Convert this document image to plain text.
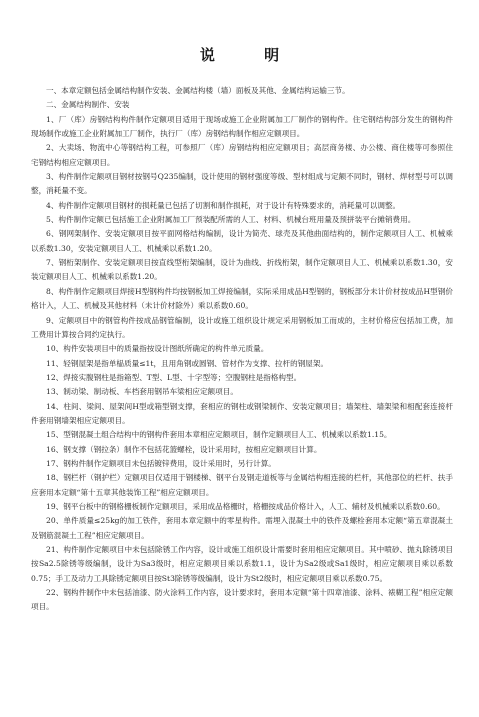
说 明

一、本章定额包括金属结构制作安装、金属结构楼（墙）面板及其他、金属结构运输三节。

二、金属结构制作、安装

1、厂（库）房钢结构构件制作定额项目适用于现场或施工企业附属加工厂制作的钢构件。住宅钢结构部分发生的钢构件现场制作或施工企业附属加工厂制作，执行厂（库）房钢结构制作相应定额项目。

2、大卖场、物流中心等钢结构工程，可参照厂（库）房钢结构相应定额项目；高层商务楼、办公楼、商住楼等可参照住宅钢结构相应定额项目。

3、构件制作定额项目钢材按钢号Q235编制，设计使用的钢材强度等级、型材组成与定额不同时，钢材、焊材型号可以调整，消耗量不变。

4、构件制作定额项目钢材的损耗量已包括了切割和制作损耗，对于设计有特殊要求的，消耗量可以调整。

5、构件制作定额已包括施工企业附属加工厂预装配所需的人工、材料、机械台班用量及预拼装平台摊销费用。

6、钢网架制作、安装定额项目按平面网格结构编制，设计为简壳、球壳及其他曲面结构的，制作定额项目人工、机械乘以系数1.30，安装定额项目人工、机械乘以系数1.20。

7、钢桁架制作、安装定额项目按直线型桁架编制，设计为曲线、折线桁架，制作定额项目人工、机械乘以系数1.30，安装定额项目人工、机械乘以系数1.20。

8、构件制作定额项目焊接H型钢构件均按钢板加工焊接编制，实际采用成品H型钢的，钢板部分未计价材按成品H型钢价格计入，人工、机械及其他材料（未计价材除外）乘以系数0.60。

9、定额项目中的钢管构件按成品钢管编制，设计或施工组织设计规定采用钢板加工而成的，主材价格应包括加工费，加工费用计算按合同约定执行。

10、构件安装项目中的质量指按设计图纸所确定的构件单元质量。

11、轻钢屋架是指单榀质量≤1t，且用角钢或圆钢、管材作为支撑、拉杆的钢屋架。

12、焊接实腹钢柱是指箱型、T型、L型、十字型等；空腹钢柱是指格构型。

13、制动梁、制动板、车档套用钢吊车梁相应定额项目。

14、柱间、梁间、屋架间H型或箱型钢支撑，套相应的钢柱或钢梁制作、安装定额项目；墙架柱、墙架梁和相配套连接杆件套用钢墙架相应定额项目。

15、型钢混凝土组合结构中的钢构件套用本章相应定额项目，制作定额项目人工、机械乘以系数1.15。

16、钢支撑（钢拉条）制作不包括花篮螺栓，设计采用时，按相应定额项目计算。

17、钢构件制作定额项目未包括镀锌费用，设计采用时，另行计算。

18、钢栏杆（钢护栏）定额项目仅适用于钢楼梯、钢平台及钢走道板等与金属结构相连接的栏杆，其他部位的栏杆、扶手应套用本定额“第十五章其他装饰工程”相应定额项目。

19、钢平台板中的钢格栅板制作定额项目，采用成品格栅时，格栅按成品价格计入，人工、辅材及机械乘以系数0.60。

20、单件质量≤25kg的加工铁件，套用本章定额中的零星构件。需埋入混凝土中的铁件及螺栓套用本定额“第五章混凝土及钢筋混凝土工程”相应定额项目。

21、构件制作定额项目中未包括除锈工作内容，设计或施工组织设计需要时套用相应定额项目。其中喷砂、抛丸除锈项目按Sa2.5除锈等级编制，设计为Sa3级时，相应定额项目乘以系数1.1，设计为Sa2级或Sa1级时，相应定额项目乘以系数0.75；手工及动力工具除锈定额项目按St3除锈等级编制，设计为St2级时，相应定额项目乘以系数0.75。

22、钢构件制作中未包括油漆、防火涂料工作内容，设计要求时，套用本定额“第十四章油漆、涂料、裱糊工程”相应定额项目。
